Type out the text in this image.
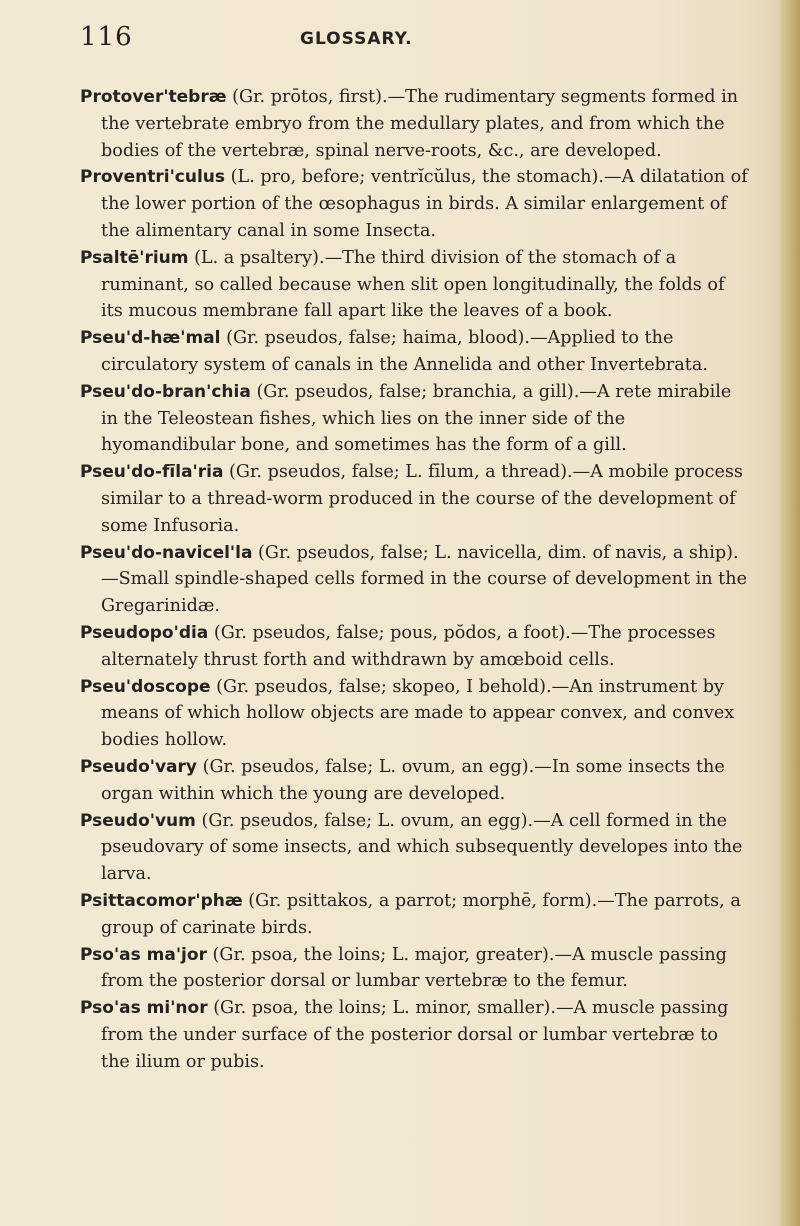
116	GLOSSARY.

Protover'tebræ (Gr. prōtos, first).—The rudimentary segments formed in the vertebrate embryo from the medullary plates, and from which the bodies of the vertebræ, spinal nerve-roots, &c., are developed.

Proventri'culus (L. pro, before; ventrĭcŭlus, the stomach).—A dilatation of the lower portion of the œsophagus in birds. A similar enlargement of the alimentary canal in some Insecta.

Psaltē'rium (L. a psaltery).—The third division of the stomach of a ruminant, so called because when slit open longitudinally, the folds of its mucous membrane fall apart like the leaves of a book.

Pseu'd-hæ'mal (Gr. pseudos, false; haima, blood).—Applied to the circulatory system of canals in the Annelida and other Invertebrata.

Pseu'do-bran'chia (Gr. pseudos, false; branchia, a gill).—A rete mirabile in the Teleostean fishes, which lies on the inner side of the hyomandibular bone, and sometimes has the form of a gill.

Pseu'do-fīla'ria (Gr. pseudos, false; L. fīlum, a thread).—A mobile process similar to a thread-worm produced in the course of the development of some Infusoria.

Pseu'do-navicel'la (Gr. pseudos, false; L. navicella, dim. of navis, a ship).—Small spindle-shaped cells formed in the course of development in the Gregarinidæ.

Pseudopo'dia (Gr. pseudos, false; pous, pŏdos, a foot).—The processes alternately thrust forth and withdrawn by amœboid cells.

Pseu'doscope (Gr. pseudos, false; skopeo, I behold).—An instrument by means of which hollow objects are made to appear convex, and convex bodies hollow.

Pseudo'vary (Gr. pseudos, false; L. ovum, an egg).—In some insects the organ within which the young are developed.

Pseudo'vum (Gr. pseudos, false; L. ovum, an egg).—A cell formed in the pseudovary of some insects, and which subsequently developes into the larva.

Psittacomor'phæ (Gr. psittakos, a parrot; morphē, form).—The parrots, a group of carinate birds.

Pso'as ma'jor (Gr. psoa, the loins; L. major, greater).—A muscle passing from the posterior dorsal or lumbar vertebræ to the femur.

Pso'as mi'nor (Gr. psoa, the loins; L. minor, smaller).—A muscle passing from the under surface of the posterior dorsal or lumbar vertebræ to the ilium or pubis.
